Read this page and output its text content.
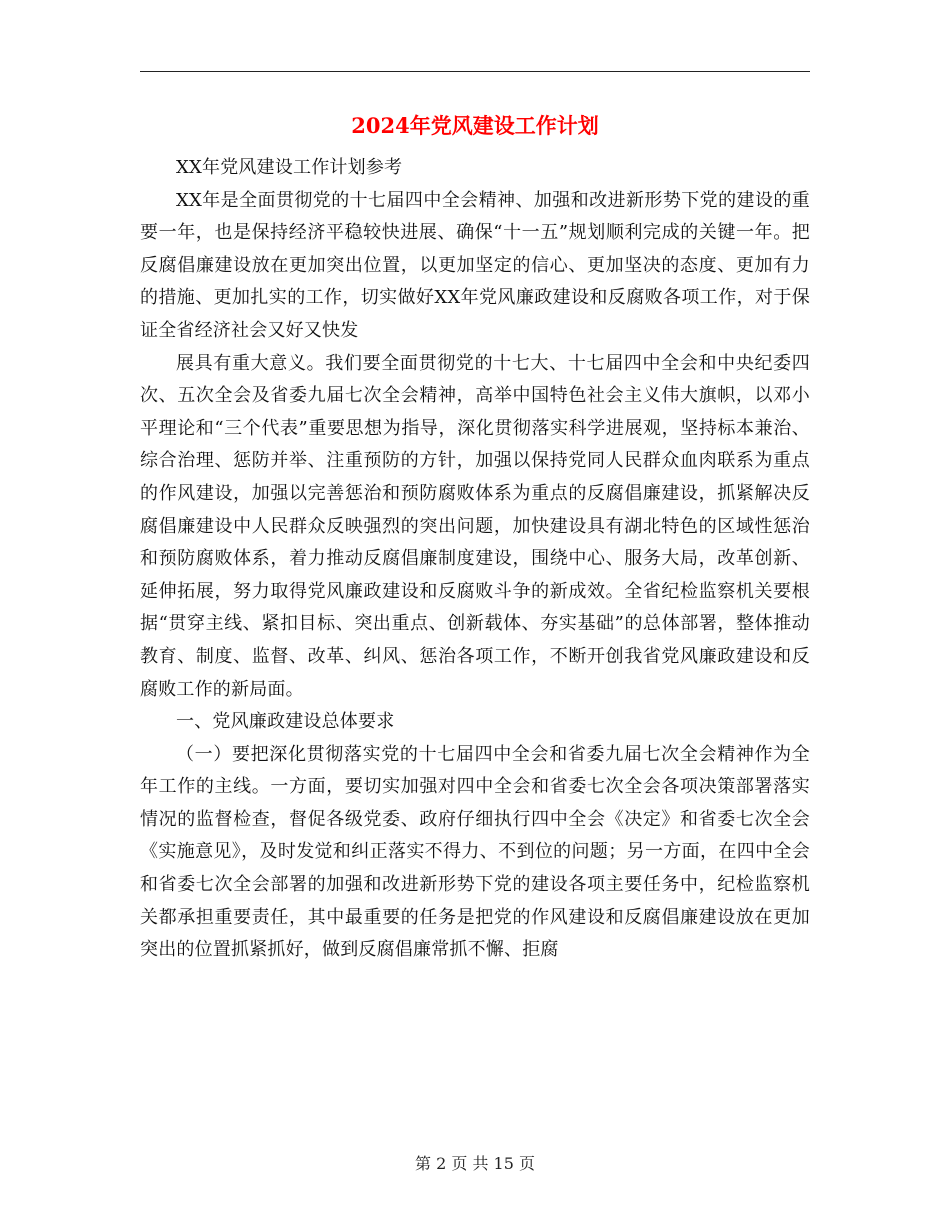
2024年党风建设工作计划

XX年党风建设工作计划参考

XX年是全面贯彻党的十七届四中全会精神、加强和改进新形势下党的建设的重要一年，也是保持经济平稳较快进展、确保“十一五”规划顺利完成的关键一年。把反腐倡廉建设放在更加突出位置，以更加坚定的信心、更加坚决的态度、更加有力的措施、更加扎实的工作，切实做好XX年党风廉政建设和反腐败各项工作，对于保证全省经济社会又好又快发

展具有重大意义。我们要全面贯彻党的十七大、十七届四中全会和中央纪委四次、五次全会及省委九届七次全会精神，高举中国特色社会主义伟大旗帜，以邓小平理论和“三个代表”重要思想为指导，深化贯彻落实科学进展观，坚持标本兼治、综合治理、惩防并举、注重预防的方针，加强以保持党同人民群众血肉联系为重点的作风建设，加强以完善惩治和预防腐败体系为重点的反腐倡廉建设，抓紧解决反腐倡廉建设中人民群众反映强烈的突出问题，加快建设具有湖北特色的区域性惩治和预防腐败体系，着力推动反腐倡廉制度建设，围绕中心、服务大局，改革创新、延伸拓展，努力取得党风廉政建设和反腐败斗争的新成效。全省纪检监察机关要根据“贯穿主线、紧扣目标、突出重点、创新载体、夯实基础”的总体部署，整体推动教育、制度、监督、改革、纠风、惩治各项工作，不断开创我省党风廉政建设和反腐败工作的新局面。

一、党风廉政建设总体要求

（一）要把深化贯彻落实党的十七届四中全会和省委九届七次全会精神作为全年工作的主线。一方面，要切实加强对四中全会和省委七次全会各项决策部署落实情况的监督检查，督促各级党委、政府仔细执行四中全会《决定》和省委七次全会《实施意见》，及时发觉和纠正落实不得力、不到位的问题；另一方面，在四中全会和省委七次全会部署的加强和改进新形势下党的建设各项主要任务中，纪检监察机关都承担重要责任，其中最重要的任务是把党的作风建设和反腐倡廉建设放在更加突出的位置抓紧抓好，做到反腐倡廉常抓不懈、拒腐

第 2 页 共 15 页
